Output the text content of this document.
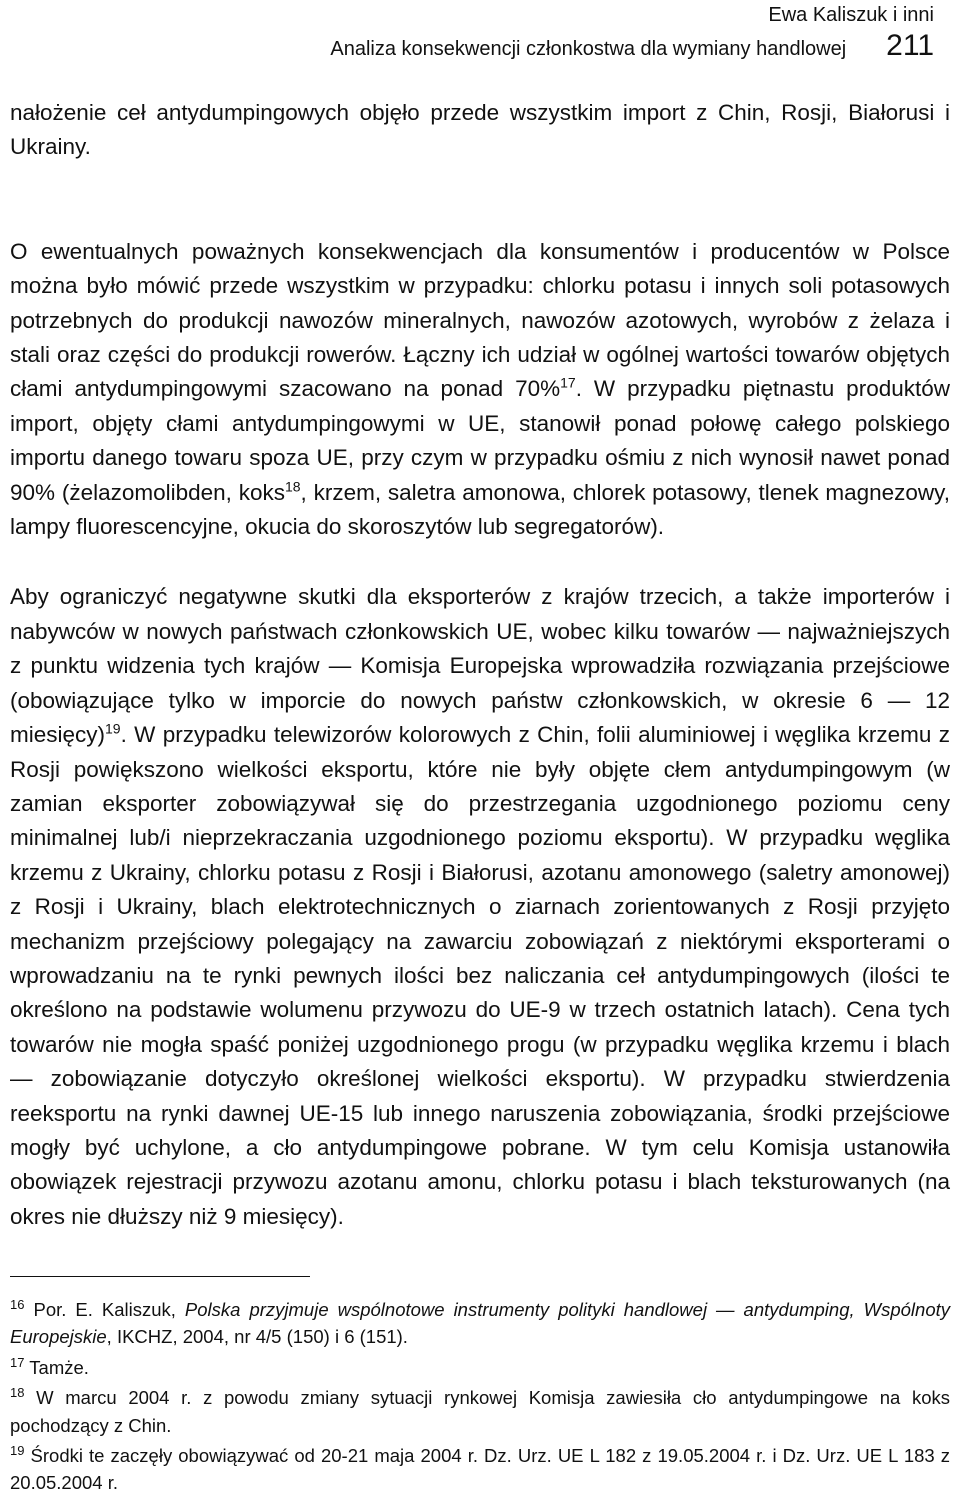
Ewa Kaliszuk i inni
Analiza konsekwencji członkostwa dla wymiany handlowej 211

nałożenie ceł antydumpingowych objęło przede wszystkim import z Chin, Rosji, Białorusi i Ukrainy.

O ewentualnych poważnych konsekwencjach dla konsumentów i producentów w Polsce można było mówić przede wszystkim w przypadku: chlorku potasu i innych soli potasowych potrzebnych do produkcji nawozów mineralnych, nawozów azotowych, wyrobów z żelaza i stali oraz części do produkcji rowerów. Łączny ich udział w ogólnej wartości towarów objętych cłami antydumpingowymi szacowano na ponad 70%$^{17}$. W przypadku piętnastu produktów import, objęty cłami antydumpingowymi w UE, stanowił ponad połowę całego polskiego importu danego towaru spoza UE, przy czym w przypadku ośmiu z nich wynosił nawet ponad 90% (żelazomolibden, koks$^{18}$, krzem, saletra amonowa, chlorek potasowy, tlenek magnezowy, lampy fluorescencyjne, okucia do skoroszytów lub segregatorów).

Aby ograniczyć negatywne skutki dla eksporterów z krajów trzecich, a także importerów i nabywców w nowych państwach członkowskich UE, wobec kilku towarów — najważniejszych z punktu widzenia tych krajów — Komisja Europejska wprowadziła rozwiązania przejściowe (obowiązujące tylko w imporcie do nowych państw członkowskich, w okresie 6 — 12 miesięcy)$^{19}$. W przypadku telewizorów kolorowych z Chin, folii aluminiowej i węglika krzemu z Rosji powiększono wielkości eksportu, które nie były objęte cłem antydumpingowym (w zamian eksporter zobowiązywał się do przestrzegania uzgodnionego poziomu ceny minimalnej lub/i nieprzekraczania uzgodnionego poziomu eksportu). W przypadku węglika krzemu z Ukrainy, chlorku potasu z Rosji i Białorusi, azotanu amonowego (saletry amonowej) z Rosji i Ukrainy, blach elektrotechnicznych o ziarnach zorientowanych z Rosji przyjęto mechanizm przejściowy polegający na zawarciu zobowiązań z niektórymi eksporterami o wprowadzaniu na te rynki pewnych ilości bez naliczania ceł antydumpingowych (ilości te określono na podstawie wolumenu przywozu do UE-9 w trzech ostatnich latach). Cena tych towarów nie mogła spaść poniżej uzgodnionego progu (w przypadku węglika krzemu i blach — zobowiązanie dotyczyło określonej wielkości eksportu). W przypadku stwierdzenia reeksportu na rynki dawnej UE-15 lub innego naruszenia zobowiązania, środki przejściowe mogły być uchylone, a cło antydumpingowe pobrane. W tym celu Komisja ustanowiła obowiązek rejestracji przywozu azotanu amonu, chlorku potasu i blach teksturowanych (na okres nie dłuższy niż 9 miesięcy).

$^{16}$ Por. E. Kaliszuk, Polska przyjmuje wspólnotowe instrumenty polityki handlowej — antydumping, Wspólnoty Europejskie, IKCHZ, 2004, nr 4/5 (150) i 6 (151).

$^{17}$ Tamże.

$^{18}$ W marcu 2004 r. z powodu zmiany sytuacji rynkowej Komisja zawiesiła cło antydumpingowe na koks pochodzący z Chin.

$^{19}$ Środki te zaczęły obowiązywać od 20-21 maja 2004 r. Dz. Urz. UE L 182 z 19.05.2004 r. i Dz. Urz. UE L 183 z 20.05.2004 r.
